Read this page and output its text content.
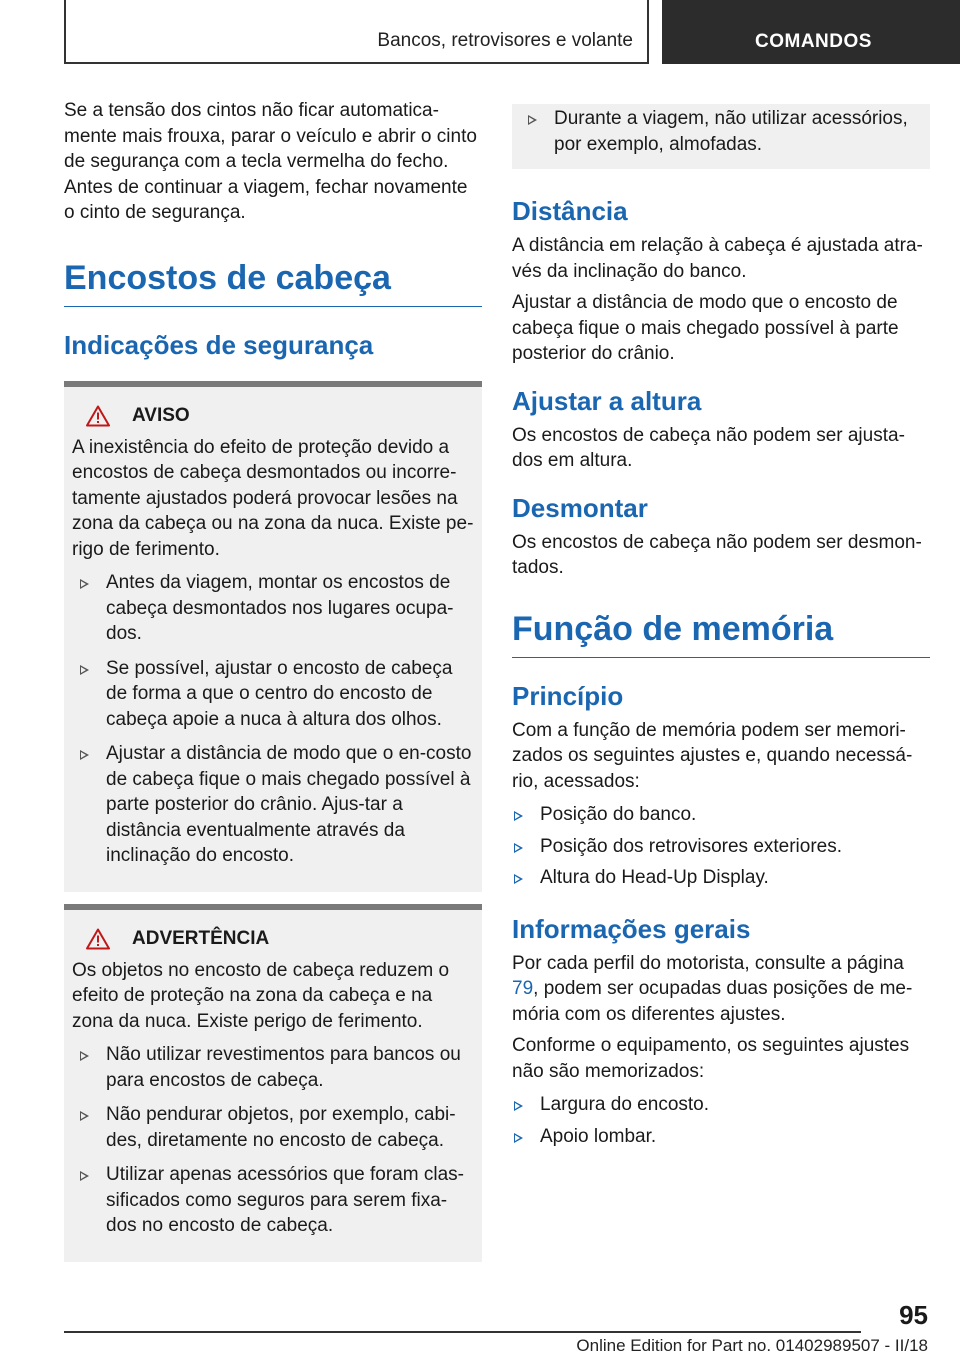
Bancos, retrovisores e volante	COMANDOS

Se a tensão dos cintos não ficar automatica-mente mais frouxa, parar o veículo e abrir o cinto de segurança com a tecla vermelha do fecho. Antes de continuar a viagem, fechar novamente o cinto de segurança.

Encostos de cabeça
Indicações de segurança
AVISO

A inexistência do efeito de proteção devido a encostos de cabeça desmontados ou incorre-tamente ajustados poderá provocar lesões na zona da cabeça ou na zona da nuca. Existe pe-rigo de ferimento.

Antes da viagem, montar os encostos de cabeça desmontados nos lugares ocupa-dos.
Se possível, ajustar o encosto de cabeça de forma a que o centro do encosto de cabeça apoie a nuca à altura dos olhos.
Ajustar a distância de modo que o en-costo de cabeça fique o mais chegado possível à parte posterior do crânio. Ajus-tar a distância eventualmente através da inclinação do encosto.
ADVERTÊNCIA

Os objetos no encosto de cabeça reduzem o efeito de proteção na zona da cabeça e na zona da nuca. Existe perigo de ferimento.

Não utilizar revestimentos para bancos ou para encostos de cabeça.
Não pendurar objetos, por exemplo, cabi-des, diretamente no encosto de cabeça.
Utilizar apenas acessórios que foram clas-sificados como seguros para serem fixa-dos no encosto de cabeça.
Durante a viagem, não utilizar acessórios, por exemplo, almofadas.
Distância

A distância em relação à cabeça é ajustada atra-vés da inclinação do banco.

Ajustar a distância de modo que o encosto de cabeça fique o mais chegado possível à parte posterior do crânio.

Ajustar a altura

Os encostos de cabeça não podem ser ajusta-dos em altura.

Desmontar

Os encostos de cabeça não podem ser desmon-tados.

Função de memória
Princípio

Com a função de memória podem ser memori-zados os seguintes ajustes e, quando necessá-rio, acessados:

Posição do banco.
Posição dos retrovisores exteriores.
Altura do Head-Up Display.
Informações gerais

Por cada perfil do motorista, consulte a página 79, podem ser ocupadas duas posições de me-mória com os diferentes ajustes.

Conforme o equipamento, os seguintes ajustes não são memorizados:

Largura do encosto.
Apoio lombar.
95
Online Edition for Part no. 01402989507 - II/18
